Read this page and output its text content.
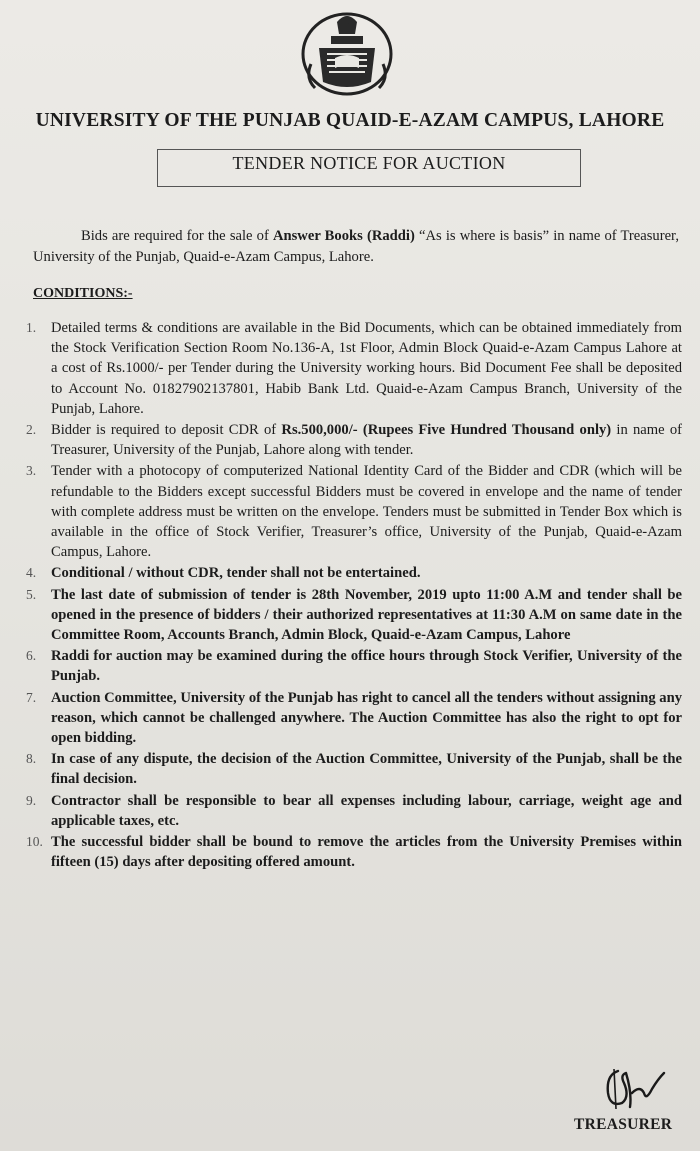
UNIVERSITY OF THE PUNJAB QUAID-E-AZAM CAMPUS, LAHORE
TENDER NOTICE FOR AUCTION
Bids are required for the sale of Answer Books (Raddi) “As is where is basis” in name of Treasurer, University of the Punjab, Quaid-e-Azam Campus, Lahore.
CONDITIONS:-
1.	Detailed terms & conditions are available in the Bid Documents, which can be obtained immediately from the Stock Verification Section Room No.136-A, 1st Floor, Admin Block Quaid-e-Azam Campus Lahore at a cost of Rs.1000/- per Tender during the University working hours. Bid Document Fee shall be deposited to Account No. 01827902137801, Habib Bank Ltd. Quaid-e-Azam Campus Branch, University of the Punjab, Lahore.
2.	Bidder is required to deposit CDR of Rs.500,000/- (Rupees Five Hundred Thousand only) in name of Treasurer, University of the Punjab, Lahore along with tender.
3.	Tender with a photocopy of computerized National Identity Card of the Bidder and CDR (which will be refundable to the Bidders except successful Bidders must be covered in envelope and the name of tender with complete address must be written on the envelope. Tenders must be submitted in Tender Box which is available in the office of Stock Verifier, Treasurer’s office, University of the Punjab, Quaid-e-Azam Campus, Lahore.
4.	Conditional / without CDR, tender shall not be entertained.
5.	The last date of submission of tender is 28th November, 2019 upto 11:00 A.M and tender shall be opened in the presence of bidders / their authorized representatives at 11:30 A.M on same date in the Committee Room, Accounts Branch, Admin Block, Quaid-e-Azam Campus, Lahore
6.	Raddi for auction may be examined during the office hours through Stock Verifier, University of the Punjab.
7.	Auction Committee, University of the Punjab has right to cancel all the tenders without assigning any reason, which cannot be challenged anywhere. The Auction Committee has also the right to opt for open bidding.
8.	In case of any dispute, the decision of the Auction Committee, University of the Punjab, shall be the final decision.
9.	Contractor shall be responsible to bear all expenses including labour, carriage, weight age and applicable taxes, etc.
10. The successful bidder shall be bound to remove the articles from the University Premises within fifteen (15) days after depositing offered amount.
TREASURER
